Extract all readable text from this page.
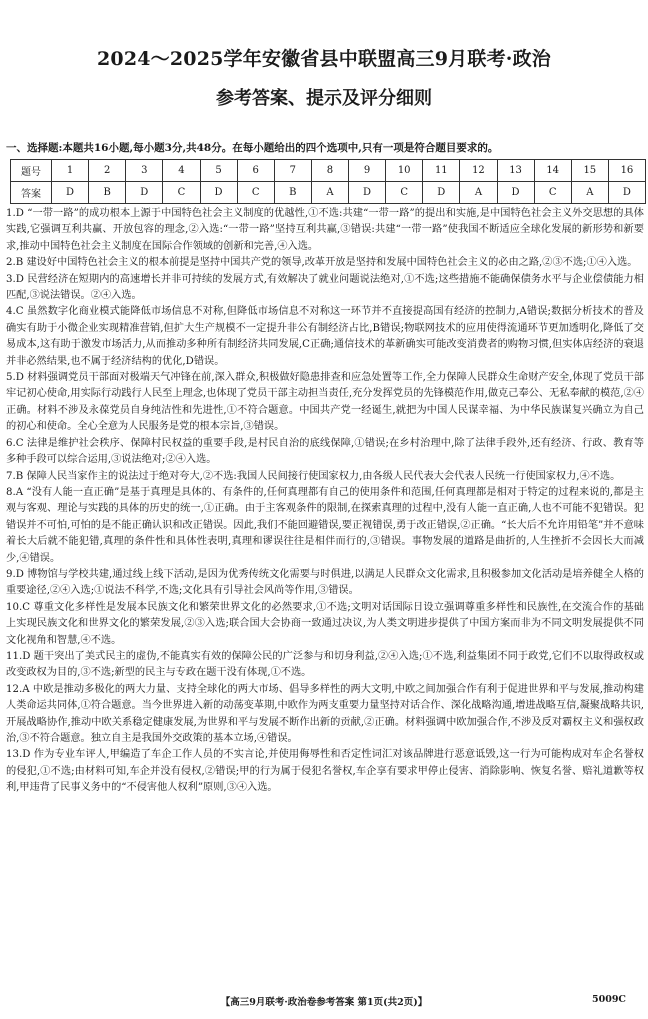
2024～2025学年安徽省县中联盟高三9月联考·政治
参考答案、提示及评分细则
一、选择题:本题共16小题,每小题3分,共48分。在每小题给出的四个选项中,只有一项是符合题目要求的。
题号	1	2	3	4	5	6	7	8	9	10	11	12	13	14	15	16
答案	D	B	D	C	D	C	B	A	D	C	D	A	D	C	A	D
1.D “一带一路”的成功根本上源于中国特色社会主义制度的优越性,①不选:共建“一带一路”的提出和实施,是中国特色社会主义外交思想的具体实践,它强调互利共赢、开放包容的理念,②入选:“一带一路”坚持互利共赢,③错误:共建“一带一路”使我国不断适应全球化发展的新形势和新要求,推动中国特色社会主义制度在国际合作领域的创新和完善,④入选。
2.B 建设好中国特色社会主义的根本前提是坚持中国共产党的领导,改革开放是坚持和发展中国特色社会主义的必由之路,②③不选;①④入选。
3.D 民营经济在短期内的高速增长并非可持续的发展方式,有效解决了就业问题说法绝对,①不选;这些措施不能确保债务水平与企业偿债能力相匹配,③说法错误。②④入选。
4.C 虽然数字化商业模式能降低市场信息不对称,但降低市场信息不对称这一环节并不直接提高国有经济的控制力,A错误;数据分析技术的普及确实有助于小微企业实现精准营销,但扩大生产规模不一定提升非公有制经济占比,B错误;物联网技术的应用使得流通环节更加透明化,降低了交易成本,这有助于激发市场活力,从而推动多种所有制经济共同发展,C正确;通信技术的革新确实可能改变消费者的购物习惯,但实体店经济的衰退并非必然结果,也不属于经济结构的优化,D错误。
5.D 材料强调党员干部面对极端天气冲锋在前,深入群众,积极做好隐患排查和应急处置等工作,全力保障人民群众生命财产安全,体现了党员干部牢记初心使命,用实际行动践行人民至上理念,也体现了党员干部主动担当责任,充分发挥党员的先锋模范作用,做克己奉公、无私奉献的模范,②④正确。材料不涉及永葆党员自身纯洁性和先进性,①不符合题意。中国共产党一经诞生,就把为中国人民谋幸福、为中华民族谋复兴确立为自己的初心和使命。全心全意为人民服务是党的根本宗旨,③错误。
6.C 法律是维护社会秩序、保障村民权益的重要手段,是村民自治的底线保障,①错误;在乡村治理中,除了法律手段外,还有经济、行政、教育等多种手段可以综合运用,③说法绝对;②④入选。
7.B 保障人民当家作主的说法过于绝对夸大,②不选:我国人民间接行使国家权力,由各级人民代表大会代表人民统一行使国家权力,④不选。
8.A “没有人能一直正确”是基于真理是具体的、有条件的,任何真理都有自己的使用条件和范围,任何真理都是相对于特定的过程来说的,都是主观与客观、理论与实践的具体的历史的统一,①正确。由于主客观条件的限制,在探索真理的过程中,没有人能一直正确,人也不可能不犯错误。犯错误并不可怕,可怕的是不能正确认识和改正错误。因此,我们不能回避错误,要正视错误,勇于改正错误,②正确。“长大后不允许用铅笔”并不意味着长大后就不能犯错,真理的条件性和具体性表明,真理和谬误往往是相伴而行的,③错误。事物发展的道路是曲折的,人生挫折不会因长大而减少,④错误。
9.D 博物馆与学校共建,通过线上线下活动,是因为优秀传统文化需要与时俱进,以满足人民群众文化需求,且积极参加文化活动是培养健全人格的重要途径,②④入选;①说法不科学,不选;文化具有引导社会风尚等作用,③错误。
10.C 尊重文化多样性是发展本民族文化和繁荣世界文化的必然要求,①不选;文明对话国际日设立强调尊重多样性和民族性,在交流合作的基础上实现民族文化和世界文化的繁荣发展,②③入选;联合国大会协商一致通过决议,为人类文明进步提供了中国方案而非为不同文明发展提供不同文化视角和智慧,④不选。
11.D 题干突出了美式民主的虚伪,不能真实有效的保障公民的广泛参与和切身利益,②④入选;①不选,利益集团不同于政党,它们不以取得政权或改变政权为目的,③不选;新型的民主与专政在题干没有体现,①不选。
12.A 中欧是推动多极化的两大力量、支持全球化的两大市场、倡导多样性的两大文明,中欧之间加强合作有利于促进世界和平与发展,推动构建人类命运共同体,①符合题意。当今世界进入新的动荡变革期,中欧作为两支重要力量坚持对话合作、深化战略沟通,增进战略互信,凝聚战略共识,开展战略协作,推动中欧关系稳定健康发展,为世界和平与发展不断作出新的贡献,②正确。材料强调中欧加强合作,不涉及反对霸权主义和强权政治,③不符合题意。独立自主是我国外交政策的基本立场,④错误。
13.D 作为专业车评人,甲编造了车企工作人员的不实言论,并使用侮辱性和否定性词汇对该品牌进行恶意诋毁,这一行为可能构成对车企名誉权的侵犯,①不选;由材料可知,车企并没有侵权,②错误;甲的行为属于侵犯名誉权,车企享有要求甲停止侵害、消除影响、恢复名誉、赔礼道歉等权利,甲违背了民事义务中的“不侵害他人权利”原则,③④入选。
【高三9月联考·政治卷参考答案 第1页(共2页)】	5009C
